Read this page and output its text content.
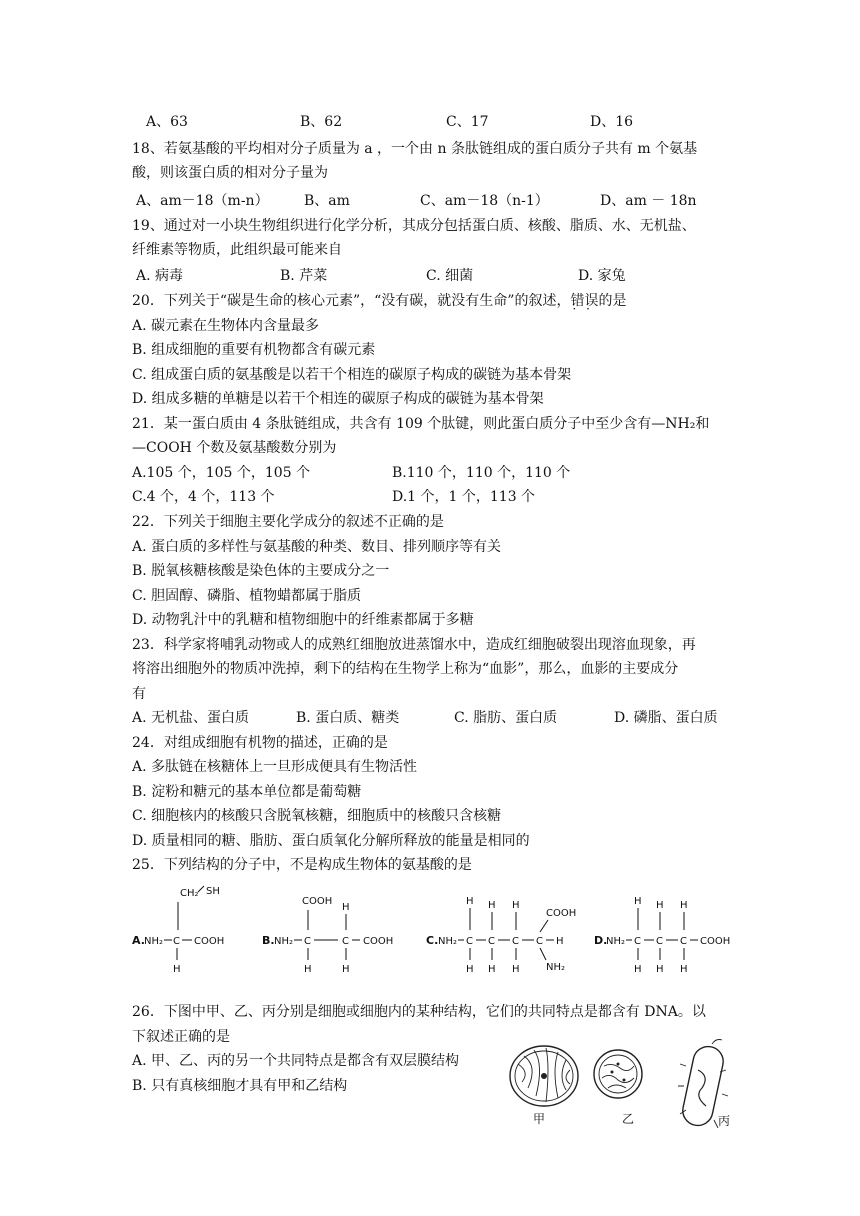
A、63	B、62	C、17	D、16
18、若氨基酸的平均相对分子质量为 a ，一个由 n 条肽链组成的蛋白质分子共有 m 个氨基
酸，则该蛋白质的相对分子量为
A、am－18（m-n）	B、am	C、am－18（n-1）	D、am － 18n
19、通过对一小块生物组织进行化学分析，其成分包括蛋白质、核酸、脂质、水、无机盐、
纤维素等物质，此组织最可能来自
A. 病毒	B. 芹菜	C. 细菌	D. 家兔
20．下列关于“碳是生命的核心元素”，“没有碳，就没有生命”的叙述，错误 · ·的是
A. 碳元素在生物体内含量最多
B. 组成细胞的重要有机物都含有碳元素
C. 组成蛋白质的氨基酸是以若干个相连的碳原子构成的碳链为基本骨架
D. 组成多糖的单糖是以若干个相连的碳原子构成的碳链为基本骨架
21．某一蛋白质由 4 条肽链组成，共含有 109 个肽键，则此蛋白质分子中至少含有—NH₂和
—COOH 个数及氨基酸数分别为
A.105 个，105 个，105 个	B.110 个，110 个，110 个
C.4 个，4 个，113 个	D.1 个，1 个，113 个
22．下列关于细胞主要化学成分的叙述不正确的是
A. 蛋白质的多样性与氨基酸的种类、数目、排列顺序等有关
B. 脱氧核糖核酸是染色体的主要成分之一
C. 胆固醇、磷脂、植物蜡都属于脂质
D. 动物乳汁中的乳糖和植物细胞中的纤维素都属于多糖
23．科学家将哺乳动物或人的成熟红细胞放进蒸馏水中，造成红细胞破裂出现溶血现象，再
将溶出细胞外的物质冲洗掉，剩下的结构在生物学上称为“血影”，那么，血影的主要成分
有
A. 无机盐、蛋白质	B. 蛋白质、糖类	C. 脂肪、蛋白质	D. 磷脂、蛋白质
24．对组成细胞有机物的描述，正确的是
A. 多肽链在核糖体上一旦形成便具有生物活性
B. 淀粉和糖元的基本单位都是葡萄糖
C. 细胞核内的核酸只含脱氧核糖，细胞质中的核酸只含核糖
D. 质量相同的糖、脂肪、蛋白质氧化分解所释放的能量是相同的
25．下列结构的分子中，不是构成生物体的氨基酸的是
CH₂ SH
A. NH₂ C COOH
H
COOH
H
B. NH₂ C	C COOH
H	H
H H H
COOH
C. NH₂ C C C C H
H H H	NH₂
H H H
D.
NH₂ C C C COOH
H H H
26．下图中甲、乙、丙分别是细胞或细胞内的某种结构，它们的共同特点是都含有 DNA。以
下叙述正确的是
A. 甲、乙、丙的另一个共同特点是都含有双层膜结构
B. 只有真核细胞才具有甲和乙结构
甲	乙	丙
